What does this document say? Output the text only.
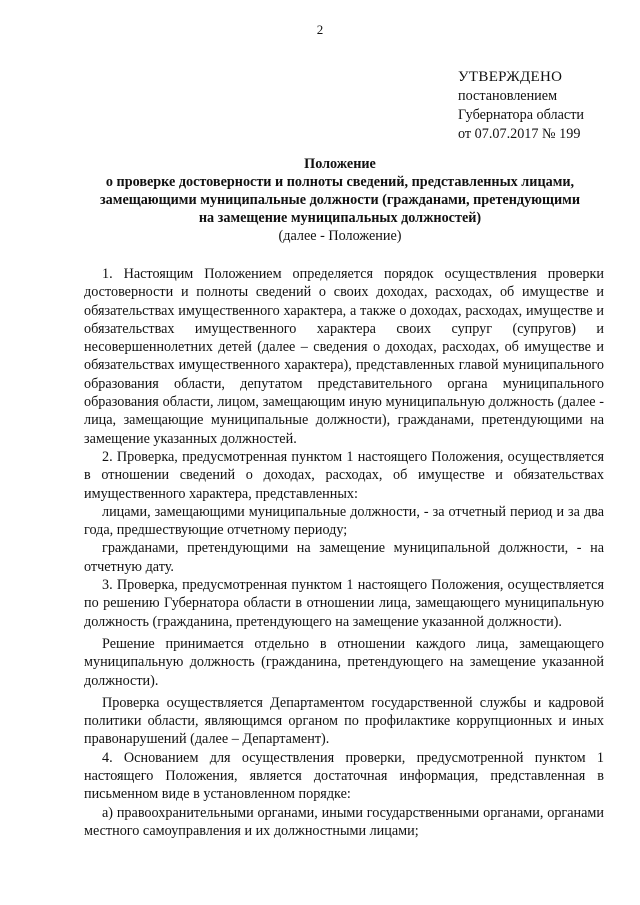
2
УТВЕРЖДЕНО
постановлением
Губернатора области
от 07.07.2017 № 199
Положение
о проверке достоверности и полноты сведений, представленных лицами,
замещающими муниципальные должности (гражданами, претендующими
на замещение муниципальных должностей)
(далее - Положение)

1. Настоящим Положением определяется порядок осуществления проверки достоверности и полноты сведений о своих доходах, расходах, об имуществе и обязательствах имущественного характера, а также о доходах, расходах, имуществе и обязательствах имущественного характера своих супруг (супругов) и несовершеннолетних детей (далее – сведения о доходах, расходах, об имуществе и обязательствах имущественного характера), представленных главой муниципального образования области, депутатом представительного органа муниципального образования области, лицом, замещающим иную муниципальную должность (далее - лица, замещающие муниципальные должности), гражданами, претендующими на замещение указанных должностей.

2. Проверка, предусмотренная пунктом 1 настоящего Положения, осуществляется в отношении сведений о доходах, расходах, об имуществе и обязательствах имущественного характера, представленных:

лицами, замещающими муниципальные должности, - за отчетный период и за два года, предшествующие отчетному периоду;

гражданами, претендующими на замещение муниципальной должности, - на отчетную дату.

3. Проверка, предусмотренная пунктом 1 настоящего Положения, осуществляется по решению Губернатора области в отношении лица, замещающего муниципальную должность (гражданина, претендующего на замещение указанной должности).

Решение принимается отдельно в отношении каждого лица, замещающего муниципальную должность (гражданина, претендующего на замещение указанной должности).

Проверка осуществляется Департаментом государственной службы и кадровой политики области, являющимся органом по профилактике коррупционных и иных правонарушений (далее – Департамент).

4. Основанием для осуществления проверки, предусмотренной пунктом 1 настоящего Положения, является достаточная информация, представленная в письменном виде в установленном порядке:

а) правоохранительными органами, иными государственными органами, органами местного самоуправления и их должностными лицами;
